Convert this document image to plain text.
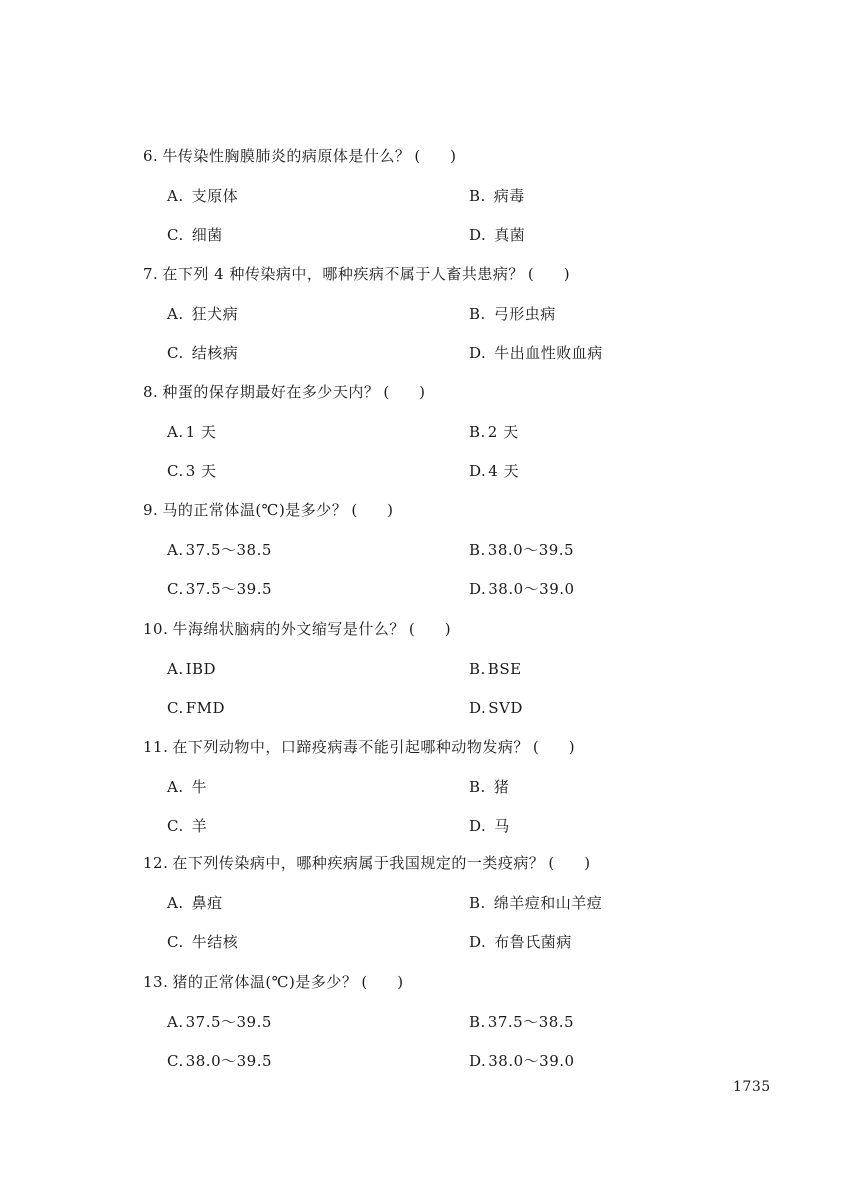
6. 牛传染性胸膜肺炎的病原体是什么？ (　　)
A. 支原体	B. 病毒
C. 细菌	D. 真菌
7. 在下列 4 种传染病中，哪种疾病不属于人畜共患病？ (　　)
A. 狂犬病	B. 弓形虫病
C. 结核病	D. 牛出血性败血病
8. 种蛋的保存期最好在多少天内？ (　　)
A. 1 天	B. 2 天
C. 3 天	D. 4 天
9. 马的正常体温(℃)是多少？ (　　)
A. 37.5～38.5	B. 38.0～39.5
C. 37.5～39.5	D. 38.0～39.0
10. 牛海绵状脑病的外文缩写是什么？ (　　)
A. IBD	B. BSE
C. FMD	D. SVD
11. 在下列动物中，口蹄疫病毒不能引起哪种动物发病？ (　　)
A. 牛	B. 猪
C. 羊	D. 马
12. 在下列传染病中，哪种疾病属于我国规定的一类疫病？ (　　)
A. 鼻疽	B. 绵羊痘和山羊痘
C. 牛结核	D. 布鲁氏菌病
13. 猪的正常体温(℃)是多少？ (　　)
A. 37.5～39.5	B. 37.5～38.5
C. 38.0～39.5	D. 38.0～39.0
1735
